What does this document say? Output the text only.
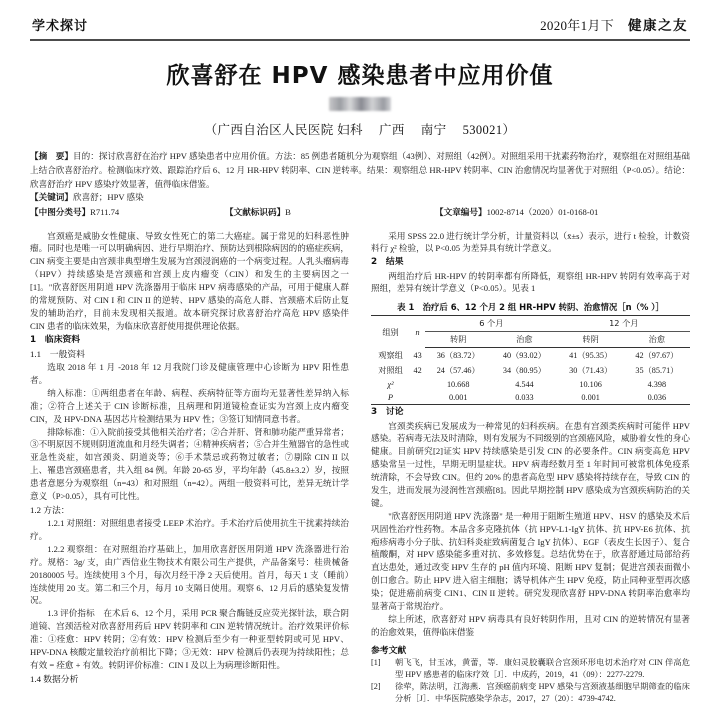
学术探讨	2020年1月下 健康之友
欣喜舒在 HPV 感染患者中应用价值
（广西自治区人民医院 妇科 广西 南宁 530021）

【摘　要】目的：探讨欣喜舒在治疗 HPV 感染患者中应用价值。方法：85 例患者随机分为观察组（43例）、对照组（42例）。对照组采用干扰素药物治疗，观察组在对照组基础上结合欣喜舒治疗。检测临床疗效、跟踪治疗后 6、12 月 HR-HPV 转阴率、CIN 逆转率。结果：观察组总 HR-HPV 转阴率、CIN 治愈情况均显著优于对照组（P<0.05）。结论：欣喜舒治疗 HPV 感染疗效显著，值得临床借鉴。

【关键词】欣喜舒；HPV 感染

【中图分类号】R711.74	【文献标识码】B	【文章编号】1002-8714（2020）01-0168-01

宫颈癌是威胁女性健康、导致女性死亡的第二大癌症。属于常见的妇科恶性肿瘤。同时也是唯一可以明确病因、进行早期治疗、预防达到根除病因的的癌症疾病，CIN 病变主要是由宫颈非典型增生发展为宫颈浸润癌的一个病变过程。人乳头瘤病毒（HPV）持续感染是宫颈癌和宫颈上皮内瘤变（CIN）和发生的主要病因之一[1]。"欣喜舒医用阴道 HPV 洗涤器用于临床 HPV 病毒感染的产品，可用于健康人群的常规预防、对 CIN I 和 CIN II 的逆转、HPV 感染的高危人群、宫颈癌术后防止复发的辅助治疗，目前未发现相关报道。故本研究探讨欣喜舒治疗高危 HPV 感染伴 CIN 患者的临床效果，为临床欣喜舒使用提供理论依据。

1　临床资料
1.1　一般资料

选取 2018 年 1 月 -2018 年 12 月我院门诊及健康管理中心诊断为 HPV 阳性患者。

纳入标准：①两组患者在年龄、病程、疾病特征等方面均无显著性差异纳入标准；②符合上述关于 CIN 诊断标准，且病理和阴道镜检查证实为宫颈上皮内瘤变 CIN，及 HPV-DNA 基因芯片检测结果为 HPV 性；③签订知情同意书者。

排除标准：①入院前接受其他相关治疗者；②合并肝、肾和肺功能严重异常者；③不明原因不规则阴道流血和月经失调者；④精神疾病者；⑤合并生殖器官的急性或亚急性炎症，如宫颈炎、阴道炎等；⑥手术禁忌或药物过敏者；⑦剔除 CIN II 以上、罹患宫颈癌患者，共入组 84 例。年龄 20-65 岁，平均年龄（45.8±3.2）岁，按照患者意愿分为观察组（n=43）和对照组（n=42）。两组一般资料可比，差异无统计学意义（P>0.05），具有可比性。

1.2 方法：

1.2.1 对照组：对照组患者接受 LEEP 术治疗。手术治疗后使用抗生干扰素持续治疗。

1.2.2 观察组：在对照组治疗基础上，加用欣喜舒医用阴道 HPV 洗涤器进行治疗。规格：3g/ 支，由广西信业生物技术有限公司生产提供，产品备案号：桂贵械备20180005 号。连续使用 3 个月，每次月经干净 2 天后使用。首月，每天 1 支（睡前）连续使用 20 支。第二和三个月，每月 10 支隔日使用。观察 6、12 月后的感染复发情况。

1.3 评价指标　 在术后 6、12 个月，采用 PCR 聚合酶链反应荧光探针法，联合阴道镜、宫颈活检对欣喜舒用药后 HPV 转阴率和 CIN 逆转情况统计。治疗效果评价标准：①痊愈：HPV 转阴；②有效：HPV 检测后至少有一种亚型转阴或可见 HPV、HPV-DNA 核酸定量较治疗前相比下降；③无效：HPV 检测后仍表现为持续阳性；总有效 = 痊愈 + 有效。转阴评价标准：CIN I 及以上为病理诊断阳性。

1.4 数据分析

采用 SPSS 22.0 进行统计学分析，计量资料以（x̄±s）表示，进行 t 检验，计数资料行 χ² 检验，以 P<0.05 为差异具有统计学意义。

2　结果

两组治疗后 HR-HPV 的转阴率都有所降低，观察组 HR-HPV 转阴有效率高于对照组，差异有统计学意义（P<0.05）。见表 1

表 1　治疗后 6、12 个月 2 组 HR-HPV 转阴、治愈情况［n（% ）］
组别	n	6 个月		12 个月	
		转阴	治愈	转阴	治愈
观察组	43	36（83.72）	40（93.02）	41（95.35）	42（97.67）
对照组	42	24（57.46）	34（80.95）	30（71.43）	35（85.71）
χ²		10.668	4.544	10.106	4.398
P		0.001	0.033	0.001	0.036
3　讨论

宫颈类疾病已发展成为一种常见的妇科疾病。在患有宫颈类疾病时可能伴 HPV 感染。若病毒无法及时清除，则有发展为不同级别的宫颈癌风险，威胁着女性的身心健康。目前研究[2]证实 HPV 持续感染是引发 CIN 的必要条件。CIN 病变高危 HPV 感染常呈一过性，早期无明显症状。HPV 病毒经数月至 1 年时间可被常机体免疫系统清除，不会导致 CIN。但约 20% 的患者高危型 HPV 感染将持续存在，导致 CIN 的发生，进而发展为浸润性宫颈癌[8]。因此早期控制 HPV 感染成为宫颈疾病防治的关键。

"欣喜舒医用阴道 HPV 洗涤器" 是一种用于阻断生殖道 HPV、HSV 的感染及术后巩固性治疗性药物。本品含多克隆抗体（抗 HPV-L1-IgY 抗体、抗 HPV-E6 抗体、抗疱疹病毒小分子肽、抗妇科炎症致病菌复合 IgY 抗体）、EGF（表皮生长因子）、复合植酸酮，对 HPV 感染能多重对抗、多效修复。总结优势在于，欣喜舒通过局部给药直达患处，通过改变 HPV 生存的 pH 值内环境、阻断 HPV 复制；促进宫颈表面微小创口愈合。防止 HPV 进入宿主细胞；诱导机体产生 HPV 免疫，防止同种亚型再次感染；促进癌前病变 CIN1、CIN II 逆转。研究发现欣喜舒 HPV-DNA 转阴率治愈率均显著高于常规治疗。

综上所述，欣喜舒对 HPV 病毒具有良好转阴作用，且对 CIN 的逆转情况有显著的治愈效果，值得临床借鉴

参考文献
[1]	朝飞飞，甘玉冰，黄蕾，等．康妇灵胶囊联合宫颈环形电切术治疗对 CIN 伴高危型 HPV 感患者的临床疗效［J］．中成药，2019，41（09）：2277-2279.
[2]	徐荦，陈法明，江海燕．宫颈癌前病变 HPV 感染与宫颈液基细胞早期筛查的临床分析［J］．中华医院感染学杂志，2017，27（20）：4739-4742.
